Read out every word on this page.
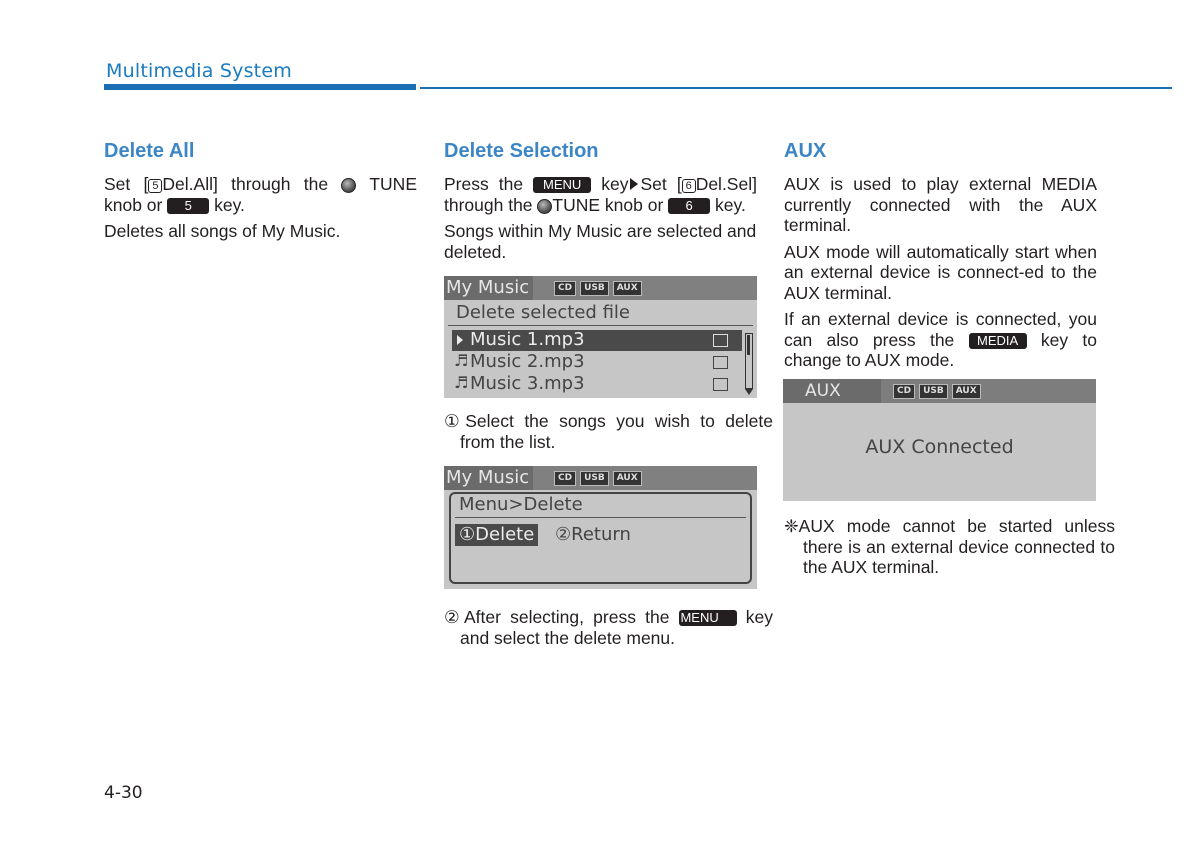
Multimedia System
Delete All

Set [ 5 Del.All] through the TUNE knob or 5 key.

Deletes all songs of My Music.

Delete Selection

Press the MENU key Set [ 6 Del.Sel] through the TUNE knob or 6 key.

Songs within My Music are selected and deleted.

My Music	CD	USB	AUX
Delete selected file
Music 1.mp3
♬ Music 2.mp3
♬ Music 3.mp3

①Select the songs you wish to delete from the list.

My Music	CD	USB	AUX
Menu>Delete
①Delete ②Return

②After selecting, press the MENU key and select the delete menu.

AUX

AUX is used to play external MEDIA currently connected with the AUX terminal.

AUX mode will automatically start when an external device is connect-ed to the AUX terminal.

If an external device is connected, you can also press the MEDIA key to change to AUX mode.

AUX	CD	USB	AUX
AUX Connected

❈AUX mode cannot be started unless there is an external device connected to the AUX terminal.

4-30
